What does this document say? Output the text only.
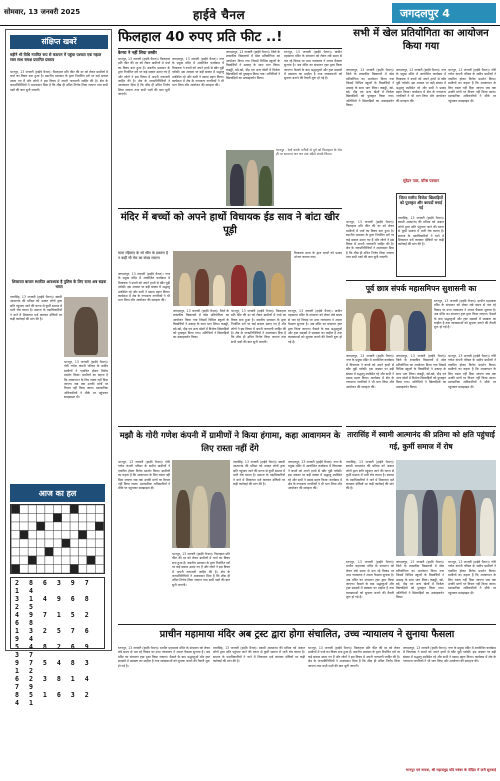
सोमवार, 13 जनवरी 2025	हाईवे चैनल	जगदलपुर 4
संक्षिप्त खबरें
महीने भी विधि नयमित रूप से करायन में पहुंचा पश्चात एक महाल रक्त साथ समक्ष प्रयागित प्रस्ताव
भानपुर, 13 जनवरी (हाईवे चैनल)। फिलहाल प्रति फीट की दर को लेकर ग्रामीणों में चर्चा का विषय बना हुआ है। स्थानीय प्रशासन के द्वारा निर्धारित दरों पर कई सवाल उठाए गए हैं और लोगों ने इस विषय में अपनी नाराजगी जाहिर की है। क्षेत्र के जनप्रतिनिधियों ने आश्वासन दिया है कि शीघ्र ही उचित निर्णय लिया जाएगा तथा सभी पक्षों की बात सुनी जाएगी।
शिकायत बाजार स्थापित आवश्यक है पुलिस के लिए राजा अब सड़क भारत
तारासिंह, 13 जनवरी (हाईवे चैनल)। स्वामी आत्मानंद की प्रतिमा को अज्ञात लोगों द्वारा क्षति पहुंचाए जाने की घटना से कुर्मी समाज में भारी रोष व्याप्त है। समाज के पदाधिकारियों ने थाने में शिकायत दर्ज कराकर दोषियों पर कड़ी कार्रवाई की मांग की है।
भानपुर, 13 जनवरी (हाईवे चैनल)। गोरी गणेश कंपनी परिसर के समीप ग्रामीणों ने एकत्रित होकर विरोध प्रदर्शन किया। ग्रामीणों का कहना है कि आवागमन के लिए रास्ता नहीं दिया जाएगा जब तक उनकी मांगों पर विचार नहीं किया जाता। प्रशासनिक अधिकारियों ने मौके पर पहुंचकर समझाइश दी।
आज का हल
2 8 6 3 9 7 1 4
3 1 4 9 6 8 2 5
4 9 7 1 5 2 6 8
1 3 2 5 7 6 9 4
5 4 8 2 6 9 3 7
9 7 5 4 8 3 1 2
6 2 3 8 1 4 7 9
8 5 1 6 3 2 4 1
फिलहाल 40 रुपए प्रति फीट ..!
कैमरा ने नहीं लिया तस्वीर
भानपुर, 13 जनवरी (हाईवे चैनल)। फिलहाल प्रति फीट की दर को लेकर ग्रामीणों में चर्चा का विषय बना हुआ है। स्थानीय प्रशासन के द्वारा निर्धारित दरों पर कई सवाल उठाए गए हैं और लोगों ने इस विषय में अपनी नाराजगी जाहिर की है। क्षेत्र के जनप्रतिनिधियों ने आश्वासन दिया है कि शीघ्र ही उचित निर्णय लिया जाएगा तथा सभी पक्षों की बात सुनी जाएगी।
जगदलपुर, 13 जनवरी (हाईवे चैनल)। नगर के प्रमुख मंदिर में आयोजित कार्यक्रम में विधायक ने बच्चों को अपने हाथों से खीर पूड़ी परोसी। इस अवसर पर बड़ी संख्या में श्रद्धालु उपस्थित रहे और सभी ने प्रसाद ग्रहण किया। कार्यक्रम में क्षेत्र के गणमान्य नागरिकों ने भी भाग लिया और आयोजन की सराहना की।
जगदलपुर, 13 जनवरी (हाईवे चैनल)। जिले के शासकीय विद्यालयों में खेल प्रतियोगिता का आयोजन किया गया जिसमें विभिन्न स्कूलों के विद्यार्थियों ने उत्साह के साथ भाग लिया। कबड्डी, खो-खो, दौड़ एवं अन्य खेलों में विजेता खिलाड़ियों को पुरस्कृत किया गया। अतिथियों ने खिलाड़ियों का उत्साहवर्धन किया।
रतनपुर, 13 जनवरी (हाईवे चैनल)। प्राचीन महामाया मंदिर के संचालन को लेकर लंबे समय से चल रहे विवाद पर उच्च न्यायालय ने अपना फैसला सुनाया है। अब मंदिर का संचालन ट्रस्ट द्वारा किया जाएगा। फैसले के बाद श्रद्धालुओं और ट्रस्ट सदस्यों में प्रसन्नता का माहौल है तथा व्यवस्थाओं को सुचारू बनाने की तैयारी शुरू हो गई है।
भानपुर - रेल्वे करके एनीयों से पूर्व को फिलहाल के रोल ही पर सामान्य जन धन तक संदेशे संपर्क किया।
मंदिर में बच्चों को अपने हाथों विधायक ईड साव ने बांटा खीर पूड़ी
माता रहिलाए के जो श्रीम के प्रकरण है न कहीं भी मेरा का संपन्न लाएगा
जगदलपुर, 13 जनवरी (हाईवे चैनल)। नगर के प्रमुख मंदिर में आयोजित कार्यक्रम में विधायक ने बच्चों को अपने हाथों से खीर पूड़ी परोसी। इस अवसर पर बड़ी संख्या में श्रद्धालु उपस्थित रहे और सभी ने प्रसाद ग्रहण किया। कार्यक्रम में क्षेत्र के गणमान्य नागरिकों ने भी भाग लिया और आयोजन की सराहना की।
विधायक माता के द्वारा बच्चों को प्रसाद भोजन कराया गया।
जगदलपुर, 13 जनवरी (हाईवे चैनल)। जिले के शासकीय विद्यालयों में खेल प्रतियोगिता का आयोजन किया गया जिसमें विभिन्न स्कूलों के विद्यार्थियों ने उत्साह के साथ भाग लिया। कबड्डी, खो-खो, दौड़ एवं अन्य खेलों में विजेता खिलाड़ियों को पुरस्कृत किया गया। अतिथियों ने खिलाड़ियों का उत्साहवर्धन किया।
भानपुर, 13 जनवरी (हाईवे चैनल)। फिलहाल प्रति फीट की दर को लेकर ग्रामीणों में चर्चा का विषय बना हुआ है। स्थानीय प्रशासन के द्वारा निर्धारित दरों पर कई सवाल उठाए गए हैं और लोगों ने इस विषय में अपनी नाराजगी जाहिर की है। क्षेत्र के जनप्रतिनिधियों ने आश्वासन दिया है कि शीघ्र ही उचित निर्णय लिया जाएगा तथा सभी पक्षों की बात सुनी जाएगी।
रतनपुर, 13 जनवरी (हाईवे चैनल)। प्राचीन महामाया मंदिर के संचालन को लेकर लंबे समय से चल रहे विवाद पर उच्च न्यायालय ने अपना फैसला सुनाया है। अब मंदिर का संचालन ट्रस्ट द्वारा किया जाएगा। फैसले के बाद श्रद्धालुओं और ट्रस्ट सदस्यों में प्रसन्नता का माहौल है तथा व्यवस्थाओं को सुचारू बनाने की तैयारी शुरू हो गई है।
सभी में खेल प्रतियोगिता का आयोजन किया गया
जगदलपुर, 13 जनवरी (हाईवे चैनल)। जिले के शासकीय विद्यालयों में खेल प्रतियोगिता का आयोजन किया गया जिसमें विभिन्न स्कूलों के विद्यार्थियों ने उत्साह के साथ भाग लिया। कबड्डी, खो-खो, दौड़ एवं अन्य खेलों में विजेता खिलाड़ियों को पुरस्कृत किया गया। अतिथियों ने खिलाड़ियों का उत्साहवर्धन किया।
भानपुर, 13 जनवरी (हाईवे चैनल)। फिलहाल प्रति फीट की दर को लेकर ग्रामीणों में चर्चा का विषय बना हुआ है। स्थानीय प्रशासन के द्वारा निर्धारित दरों पर कई सवाल उठाए गए हैं और लोगों ने इस विषय में अपनी नाराजगी जाहिर की है। क्षेत्र के जनप्रतिनिधियों ने आश्वासन दिया है कि शीघ्र ही उचित निर्णय लिया जाएगा तथा सभी पक्षों की बात सुनी जाएगी।
भानपुर, 13 जनवरी (हाईवे चैनल)। गोरी गणेश कंपनी परिसर के समीप ग्रामीणों ने एकत्रित होकर विरोध प्रदर्शन किया। ग्रामीणों का कहना है कि आवागमन के लिए रास्ता नहीं दिया जाएगा जब तक उनकी मांगों पर विचार नहीं किया जाता। प्रशासनिक अधिकारियों ने मौके पर पहुंचकर समझाइश दी।
जगदलपुर, 13 जनवरी (हाईवे चैनल)। नगर के प्रमुख मंदिर में आयोजित कार्यक्रम में विधायक ने बच्चों को अपने हाथों से खीर पूड़ी परोसी। इस अवसर पर बड़ी संख्या में श्रद्धालु उपस्थित रहे और सभी ने प्रसाद ग्रहण किया। कार्यक्रम में क्षेत्र के गणमान्य नागरिकों ने भी भाग लिया और आयोजन की सराहना की।
सुरेंद्रन पाल, वरिष्ठ पत्रकार
जिला स्तरीय विजेता खिलाड़ियों को पुरस्कृत और कायदों बनाई गई
तारासिंह, 13 जनवरी (हाईवे चैनल)। स्वामी आत्मानंद की प्रतिमा को अज्ञात लोगों द्वारा क्षति पहुंचाए जाने की घटना से कुर्मी समाज में भारी रोष व्याप्त है। समाज के पदाधिकारियों ने थाने में शिकायत दर्ज कराकर दोषियों पर कड़ी कार्रवाई की मांग की है।
पूर्व छात्र संपर्क महासमिपन सुशासनी का
रतनपुर, 13 जनवरी (हाईवे चैनल)। प्राचीन महामाया मंदिर के संचालन को लेकर लंबे समय से चल रहे विवाद पर उच्च न्यायालय ने अपना फैसला सुनाया है। अब मंदिर का संचालन ट्रस्ट द्वारा किया जाएगा। फैसले के बाद श्रद्धालुओं और ट्रस्ट सदस्यों में प्रसन्नता का माहौल है तथा व्यवस्थाओं को सुचारू बनाने की तैयारी शुरू हो गई है।
जगदलपुर, 13 जनवरी (हाईवे चैनल)। नगर के प्रमुख मंदिर में आयोजित कार्यक्रम में विधायक ने बच्चों को अपने हाथों से खीर पूड़ी परोसी। इस अवसर पर बड़ी संख्या में श्रद्धालु उपस्थित रहे और सभी ने प्रसाद ग्रहण किया। कार्यक्रम में क्षेत्र के गणमान्य नागरिकों ने भी भाग लिया और आयोजन की सराहना की।
जगदलपुर, 13 जनवरी (हाईवे चैनल)। जिले के शासकीय विद्यालयों में खेल प्रतियोगिता का आयोजन किया गया जिसमें विभिन्न स्कूलों के विद्यार्थियों ने उत्साह के साथ भाग लिया। कबड्डी, खो-खो, दौड़ एवं अन्य खेलों में विजेता खिलाड़ियों को पुरस्कृत किया गया। अतिथियों ने खिलाड़ियों का उत्साहवर्धन किया।
भानपुर, 13 जनवरी (हाईवे चैनल)। गोरी गणेश कंपनी परिसर के समीप ग्रामीणों ने एकत्रित होकर विरोध प्रदर्शन किया। ग्रामीणों का कहना है कि आवागमन के लिए रास्ता नहीं दिया जाएगा जब तक उनकी मांगों पर विचार नहीं किया जाता। प्रशासनिक अधिकारियों ने मौके पर पहुंचकर समझाइश दी।
मझौ के गोरी गणेश कंपनी में ग्रामीणों ने किया हंगामा, कहा आवागमन के लिए रास्ता नहीं देंगे
भानपुर, 13 जनवरी (हाईवे चैनल)। गोरी गणेश कंपनी परिसर के समीप ग्रामीणों ने एकत्रित होकर विरोध प्रदर्शन किया। ग्रामीणों का कहना है कि आवागमन के लिए रास्ता नहीं दिया जाएगा जब तक उनकी मांगों पर विचार नहीं किया जाता। प्रशासनिक अधिकारियों ने मौके पर पहुंचकर समझाइश दी।
भानपुर, 13 जनवरी (हाईवे चैनल)। फिलहाल प्रति फीट की दर को लेकर ग्रामीणों में चर्चा का विषय बना हुआ है। स्थानीय प्रशासन के द्वारा निर्धारित दरों पर कई सवाल उठाए गए हैं और लोगों ने इस विषय में अपनी नाराजगी जाहिर की है। क्षेत्र के जनप्रतिनिधियों ने आश्वासन दिया है कि शीघ्र ही उचित निर्णय लिया जाएगा तथा सभी पक्षों की बात सुनी जाएगी।
तारासिंह, 13 जनवरी (हाईवे चैनल)। स्वामी आत्मानंद की प्रतिमा को अज्ञात लोगों द्वारा क्षति पहुंचाए जाने की घटना से कुर्मी समाज में भारी रोष व्याप्त है। समाज के पदाधिकारियों ने थाने में शिकायत दर्ज कराकर दोषियों पर कड़ी कार्रवाई की मांग की है।
जगदलपुर, 13 जनवरी (हाईवे चैनल)। नगर के प्रमुख मंदिर में आयोजित कार्यक्रम में विधायक ने बच्चों को अपने हाथों से खीर पूड़ी परोसी। इस अवसर पर बड़ी संख्या में श्रद्धालु उपस्थित रहे और सभी ने प्रसाद ग्रहण किया। कार्यक्रम में क्षेत्र के गणमान्य नागरिकों ने भी भाग लिया और आयोजन की सराहना की।
तारासिंह में स्वामी आत्मानंद की प्रतिमा को क्षति पहुंचाई गई, कुर्मी समाज में रोष
तारासिंह, 13 जनवरी (हाईवे चैनल)। स्वामी आत्मानंद की प्रतिमा को अज्ञात लोगों द्वारा क्षति पहुंचाए जाने की घटना से कुर्मी समाज में भारी रोष व्याप्त है। समाज के पदाधिकारियों ने थाने में शिकायत दर्ज कराकर दोषियों पर कड़ी कार्रवाई की मांग की है।
रतनपुर, 13 जनवरी (हाईवे चैनल)। प्राचीन महामाया मंदिर के संचालन को लेकर लंबे समय से चल रहे विवाद पर उच्च न्यायालय ने अपना फैसला सुनाया है। अब मंदिर का संचालन ट्रस्ट द्वारा किया जाएगा। फैसले के बाद श्रद्धालुओं और ट्रस्ट सदस्यों में प्रसन्नता का माहौल है तथा व्यवस्थाओं को सुचारू बनाने की तैयारी शुरू हो गई है।
जगदलपुर, 13 जनवरी (हाईवे चैनल)। जिले के शासकीय विद्यालयों में खेल प्रतियोगिता का आयोजन किया गया जिसमें विभिन्न स्कूलों के विद्यार्थियों ने उत्साह के साथ भाग लिया। कबड्डी, खो-खो, दौड़ एवं अन्य खेलों में विजेता खिलाड़ियों को पुरस्कृत किया गया। अतिथियों ने खिलाड़ियों का उत्साहवर्धन किया।
भानपुर, 13 जनवरी (हाईवे चैनल)। गोरी गणेश कंपनी परिसर के समीप ग्रामीणों ने एकत्रित होकर विरोध प्रदर्शन किया। ग्रामीणों का कहना है कि आवागमन के लिए रास्ता नहीं दिया जाएगा जब तक उनकी मांगों पर विचार नहीं किया जाता। प्रशासनिक अधिकारियों ने मौके पर पहुंचकर समझाइश दी।
प्राचीन महामाया मंदिर अब ट्रस्ट द्वारा होगा संचालित, उच्च न्यायालय ने सुनाया फैसला
रतनपुर, 13 जनवरी (हाईवे चैनल)। प्राचीन महामाया मंदिर के संचालन को लेकर लंबे समय से चल रहे विवाद पर उच्च न्यायालय ने अपना फैसला सुनाया है। अब मंदिर का संचालन ट्रस्ट द्वारा किया जाएगा। फैसले के बाद श्रद्धालुओं और ट्रस्ट सदस्यों में प्रसन्नता का माहौल है तथा व्यवस्थाओं को सुचारू बनाने की तैयारी शुरू हो गई है।
तारासिंह, 13 जनवरी (हाईवे चैनल)। स्वामी आत्मानंद की प्रतिमा को अज्ञात लोगों द्वारा क्षति पहुंचाए जाने की घटना से कुर्मी समाज में भारी रोष व्याप्त है। समाज के पदाधिकारियों ने थाने में शिकायत दर्ज कराकर दोषियों पर कड़ी कार्रवाई की मांग की है।
भानपुर, 13 जनवरी (हाईवे चैनल)। फिलहाल प्रति फीट की दर को लेकर ग्रामीणों में चर्चा का विषय बना हुआ है। स्थानीय प्रशासन के द्वारा निर्धारित दरों पर कई सवाल उठाए गए हैं और लोगों ने इस विषय में अपनी नाराजगी जाहिर की है। क्षेत्र के जनप्रतिनिधियों ने आश्वासन दिया है कि शीघ्र ही उचित निर्णय लिया जाएगा तथा सभी पक्षों की बात सुनी जाएगी।
जगदलपुर, 13 जनवरी (हाईवे चैनल)। नगर के प्रमुख मंदिर में आयोजित कार्यक्रम में विधायक ने बच्चों को अपने हाथों से खीर पूड़ी परोसी। इस अवसर पर बड़ी संख्या में श्रद्धालु उपस्थित रहे और सभी ने प्रसाद ग्रहण किया। कार्यक्रम में क्षेत्र के गणमान्य नागरिकों ने भी भाग लिया और आयोजन की सराहना की।
भानपुर एवं नायक, श्री महासमुद्र यदि नवंबर के पीड़ित में ज़री सुनवाई
